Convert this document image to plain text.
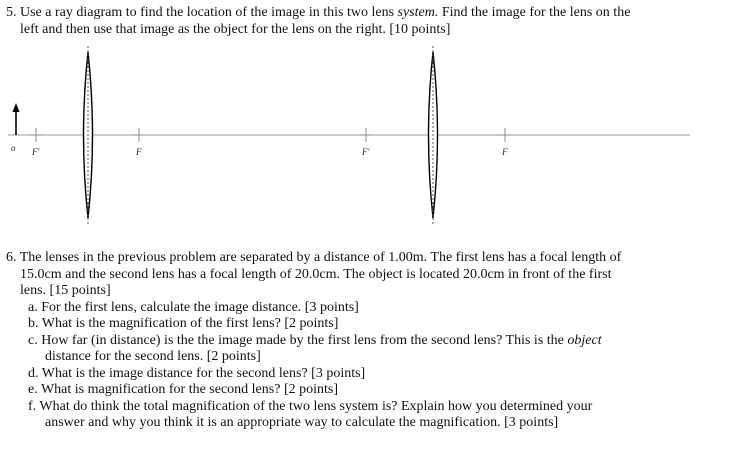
5. Use a ray diagram to find the location of the image in this two lens system. Find the image for the lens on the
left and then use that image as the object for the lens on the right. [10 points]
o F'	F	F'	F
6. The lenses in the previous problem are separated by a distance of 1.00m. The first lens has a focal length of
15.0cm and the second lens has a focal length of 20.0cm. The object is located 20.0cm in front of the first
lens. [15 points]
a. For the first lens, calculate the image distance. [3 points]
b. What is the magnification of the first lens? [2 points]
c. How far (in distance) is the the image made by the first lens from the second lens? This is the object
distance for the second lens. [2 points]
d. What is the image distance for the second lens? [3 points]
e. What is magnification for the second lens? [2 points]
f. What do think the total magnification of the two lens system is? Explain how you determined your
answer and why you think it is an appropriate way to calculate the magnification. [3 points]
